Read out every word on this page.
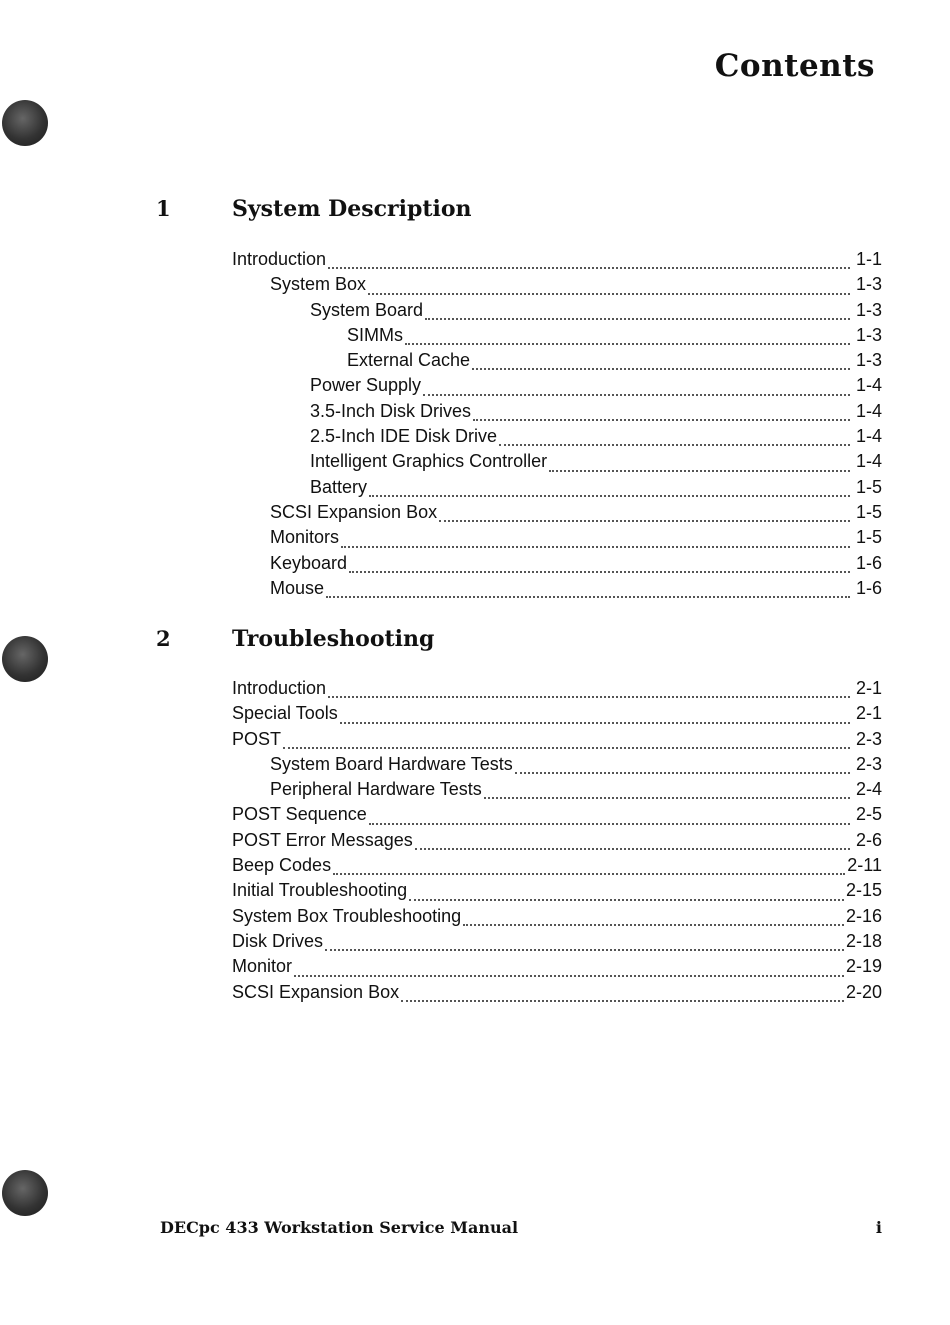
Contents
1	System Description
Introduction	1-1
System Box	1-3
System Board	1-3
SIMMs	1-3
External Cache	1-3
Power Supply	1-4
3.5-Inch Disk Drives	1-4
2.5-Inch IDE Disk Drive	1-4
Intelligent Graphics Controller	1-4
Battery	1-5
SCSI Expansion Box	1-5
Monitors	1-5
Keyboard	1-6
Mouse	1-6
2	Troubleshooting
Introduction	2-1
Special Tools	2-1
POST	2-3
System Board Hardware Tests	2-3
Peripheral Hardware Tests	2-4
POST Sequence	2-5
POST Error Messages	2-6
Beep Codes	2-11
Initial Troubleshooting	2-15
System Box Troubleshooting	2-16
Disk Drives	2-18
Monitor	2-19
SCSI Expansion Box	2-20
DECpc 433 Workstation Service Manual	i
